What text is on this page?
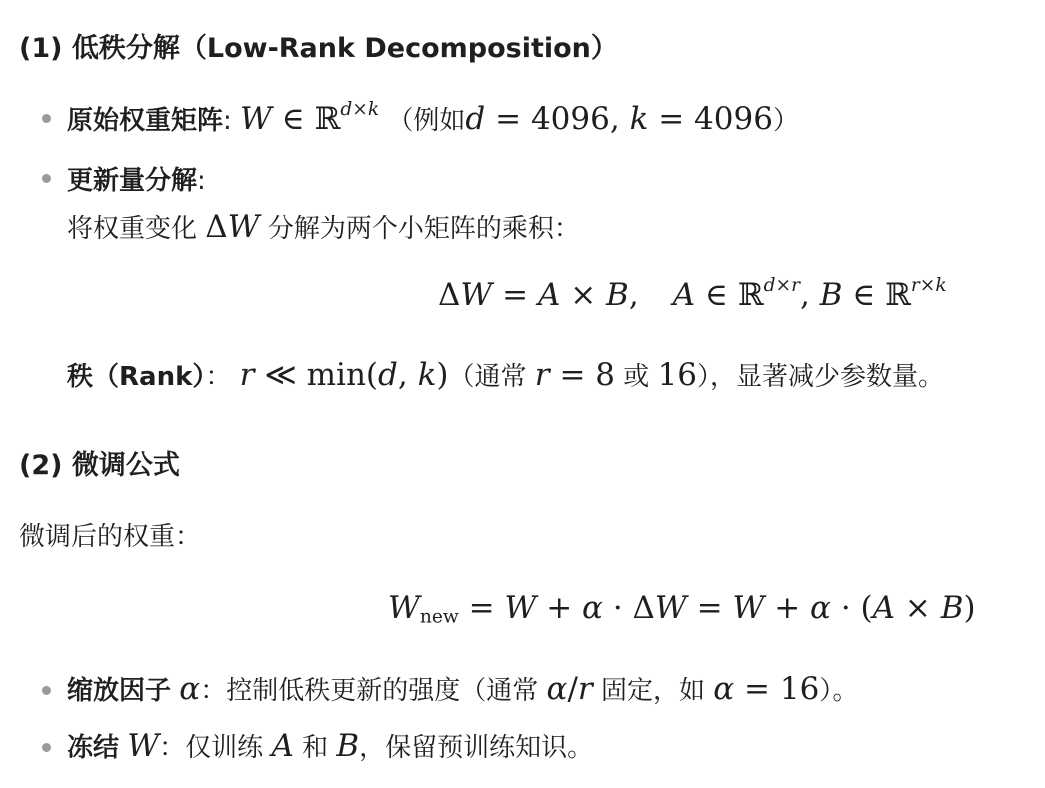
(1) 低秩分解（Low-Rank Decomposition）
原始权重矩阵: W ∈ ℝ$^{d\times k}$ （例如d = 4096, k = 4096）
更新量分解:
将权重变化 ΔW 分解为两个小矩阵的乘积：
ΔW = A × B, A ∈ ℝ$^{d\times r}$, B ∈ ℝ$^{r\times k}$
秩（Rank）： r ≪ min(d, k)（通常 r = 8 或 16），显著减少参数量。
(2) 微调公式
微调后的权重：
$W_{new} = W + \alpha \cdot \Delta W = W + \alpha \cdot (A \times B)$
缩放因子 α：控制低秩更新的强度（通常 α/r 固定，如 α = 16）。
冻结 W：仅训练 A 和 B，保留预训练知识。
